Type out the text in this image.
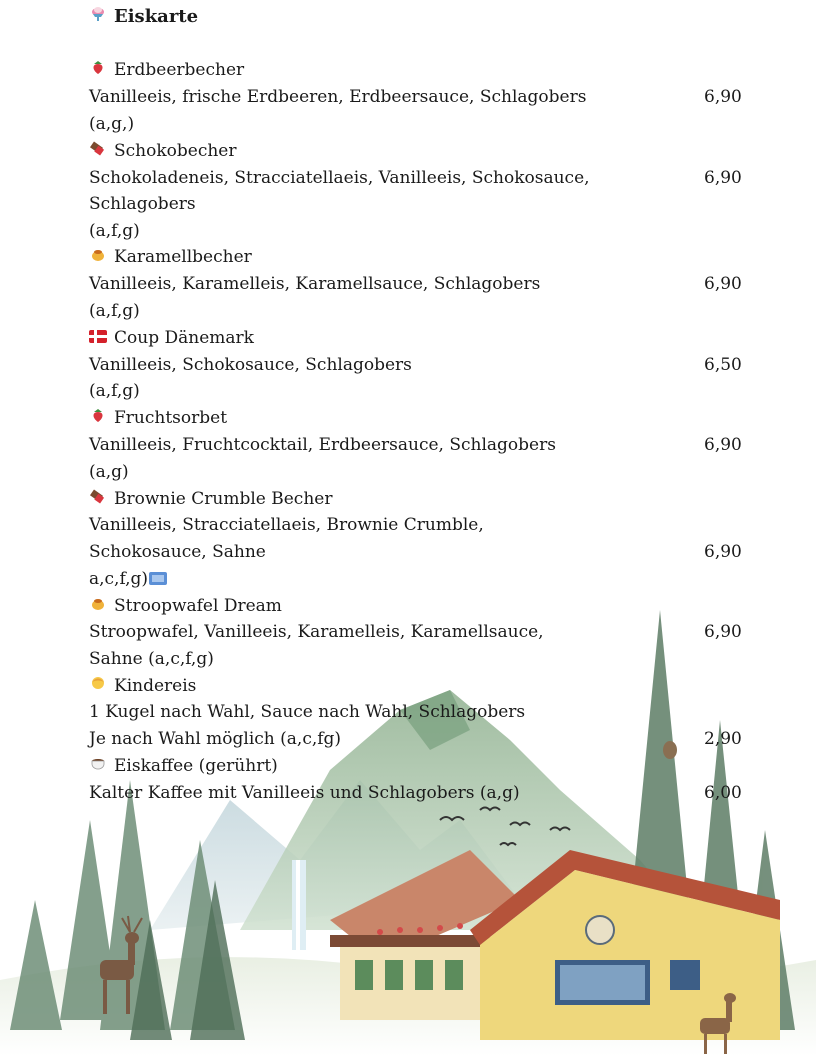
Eiskarte
Erdbeerbecher
Vanilleeis, frische Erdbeeren, Erdbeersauce, Schlagobers	6,90
(a,g,)
Schokobecher
Schokoladeneis, Stracciatellaeis, Vanilleeis, Schokosauce,	6,90
Schlagobers
(a,f,g)
Karamellbecher
Vanilleeis, Karamelleis, Karamellsauce, Schlagobers	6,90
(a,f,g)
Coup Dänemark
Vanilleeis, Schokosauce, Schlagobers	6,50
(a,f,g)
Fruchtsorbet
Vanilleeis, Fruchtcocktail, Erdbeersauce, Schlagobers	6,90
(a,g)
Brownie Crumble Becher
Vanilleeis, Stracciatellaeis, Brownie Crumble,
Schokosauce, Sahne	6,90
a,c,f,g)
Stroopwafel Dream
Stroopwafel, Vanilleeis, Karamelleis, Karamellsauce,	6,90
Sahne (a,c,f,g)
Kindereis
1 Kugel nach Wahl, Sauce nach Wahl, Schlagobers
Je nach Wahl möglich (a,c,fg)	2,90
Eiskaffee (gerührt)
Kalter Kaffee mit Vanilleeis und Schlagobers (a,g)	6,00
